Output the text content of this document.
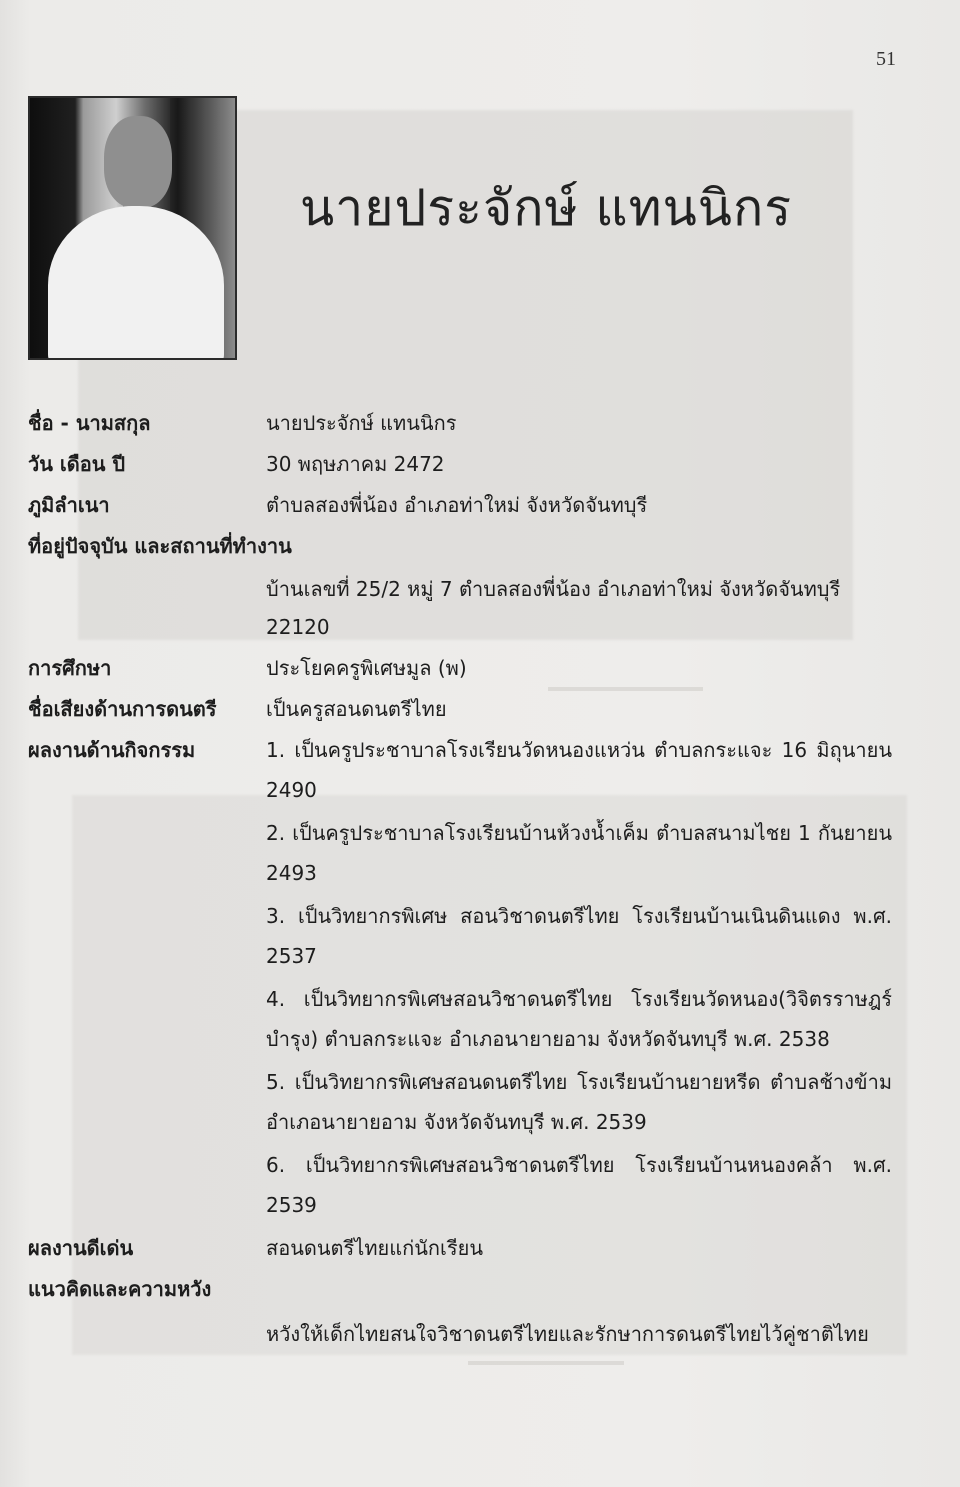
51
นายประจักษ์ แทนนิกร
ชื่อ - นามสกุล	นายประจักษ์ แทนนิกร
วัน เดือน ปี	30 พฤษภาคม 2472
ภูมิลำเนา	ตำบลสองพี่น้อง อำเภอท่าใหม่ จังหวัดจันทบุรี
ที่อยู่ปัจจุบัน และสถานที่ทำงาน
บ้านเลขที่ 25/2 หมู่ 7 ตำบลสองพี่น้อง อำเภอท่าใหม่ จังหวัดจันทบุรี
22120
การศึกษา	ประโยคครูพิเศษมูล (พ)
ชื่อเสียงด้านการดนตรี	เป็นครูสอนดนตรีไทย
ผลงานด้านกิจกรรม	1. เป็นครูประชาบาลโรงเรียนวัดหนองแหว่น ตำบลกระแจะ 16 มิถุนายน 2490
2. เป็นครูประชาบาลโรงเรียนบ้านห้วงน้ำเค็ม ตำบลสนามไชย 1 กันยายน 2493
3. เป็นวิทยากรพิเศษ สอนวิชาดนตรีไทย โรงเรียนบ้านเนินดินแดง พ.ศ. 2537
4. เป็นวิทยากรพิเศษสอนวิชาดนตรีไทย โรงเรียนวัดหนอง(วิจิตรราษฎร์บำรุง) ตำบลกระแจะ อำเภอนายายอาม จังหวัดจันทบุรี พ.ศ. 2538
5. เป็นวิทยากรพิเศษสอนดนตรีไทย โรงเรียนบ้านยายหรีด ตำบลช้างข้าม อำเภอนายายอาม จังหวัดจันทบุรี พ.ศ. 2539
6. เป็นวิทยากรพิเศษสอนวิชาดนตรีไทย โรงเรียนบ้านหนองคล้า พ.ศ. 2539
ผลงานดีเด่น	สอนดนตรีไทยแก่นักเรียน
แนวคิดและความหวัง
หวังให้เด็กไทยสนใจวิชาดนตรีไทยและรักษาการดนตรีไทยไว้คู่ชาติไทย
